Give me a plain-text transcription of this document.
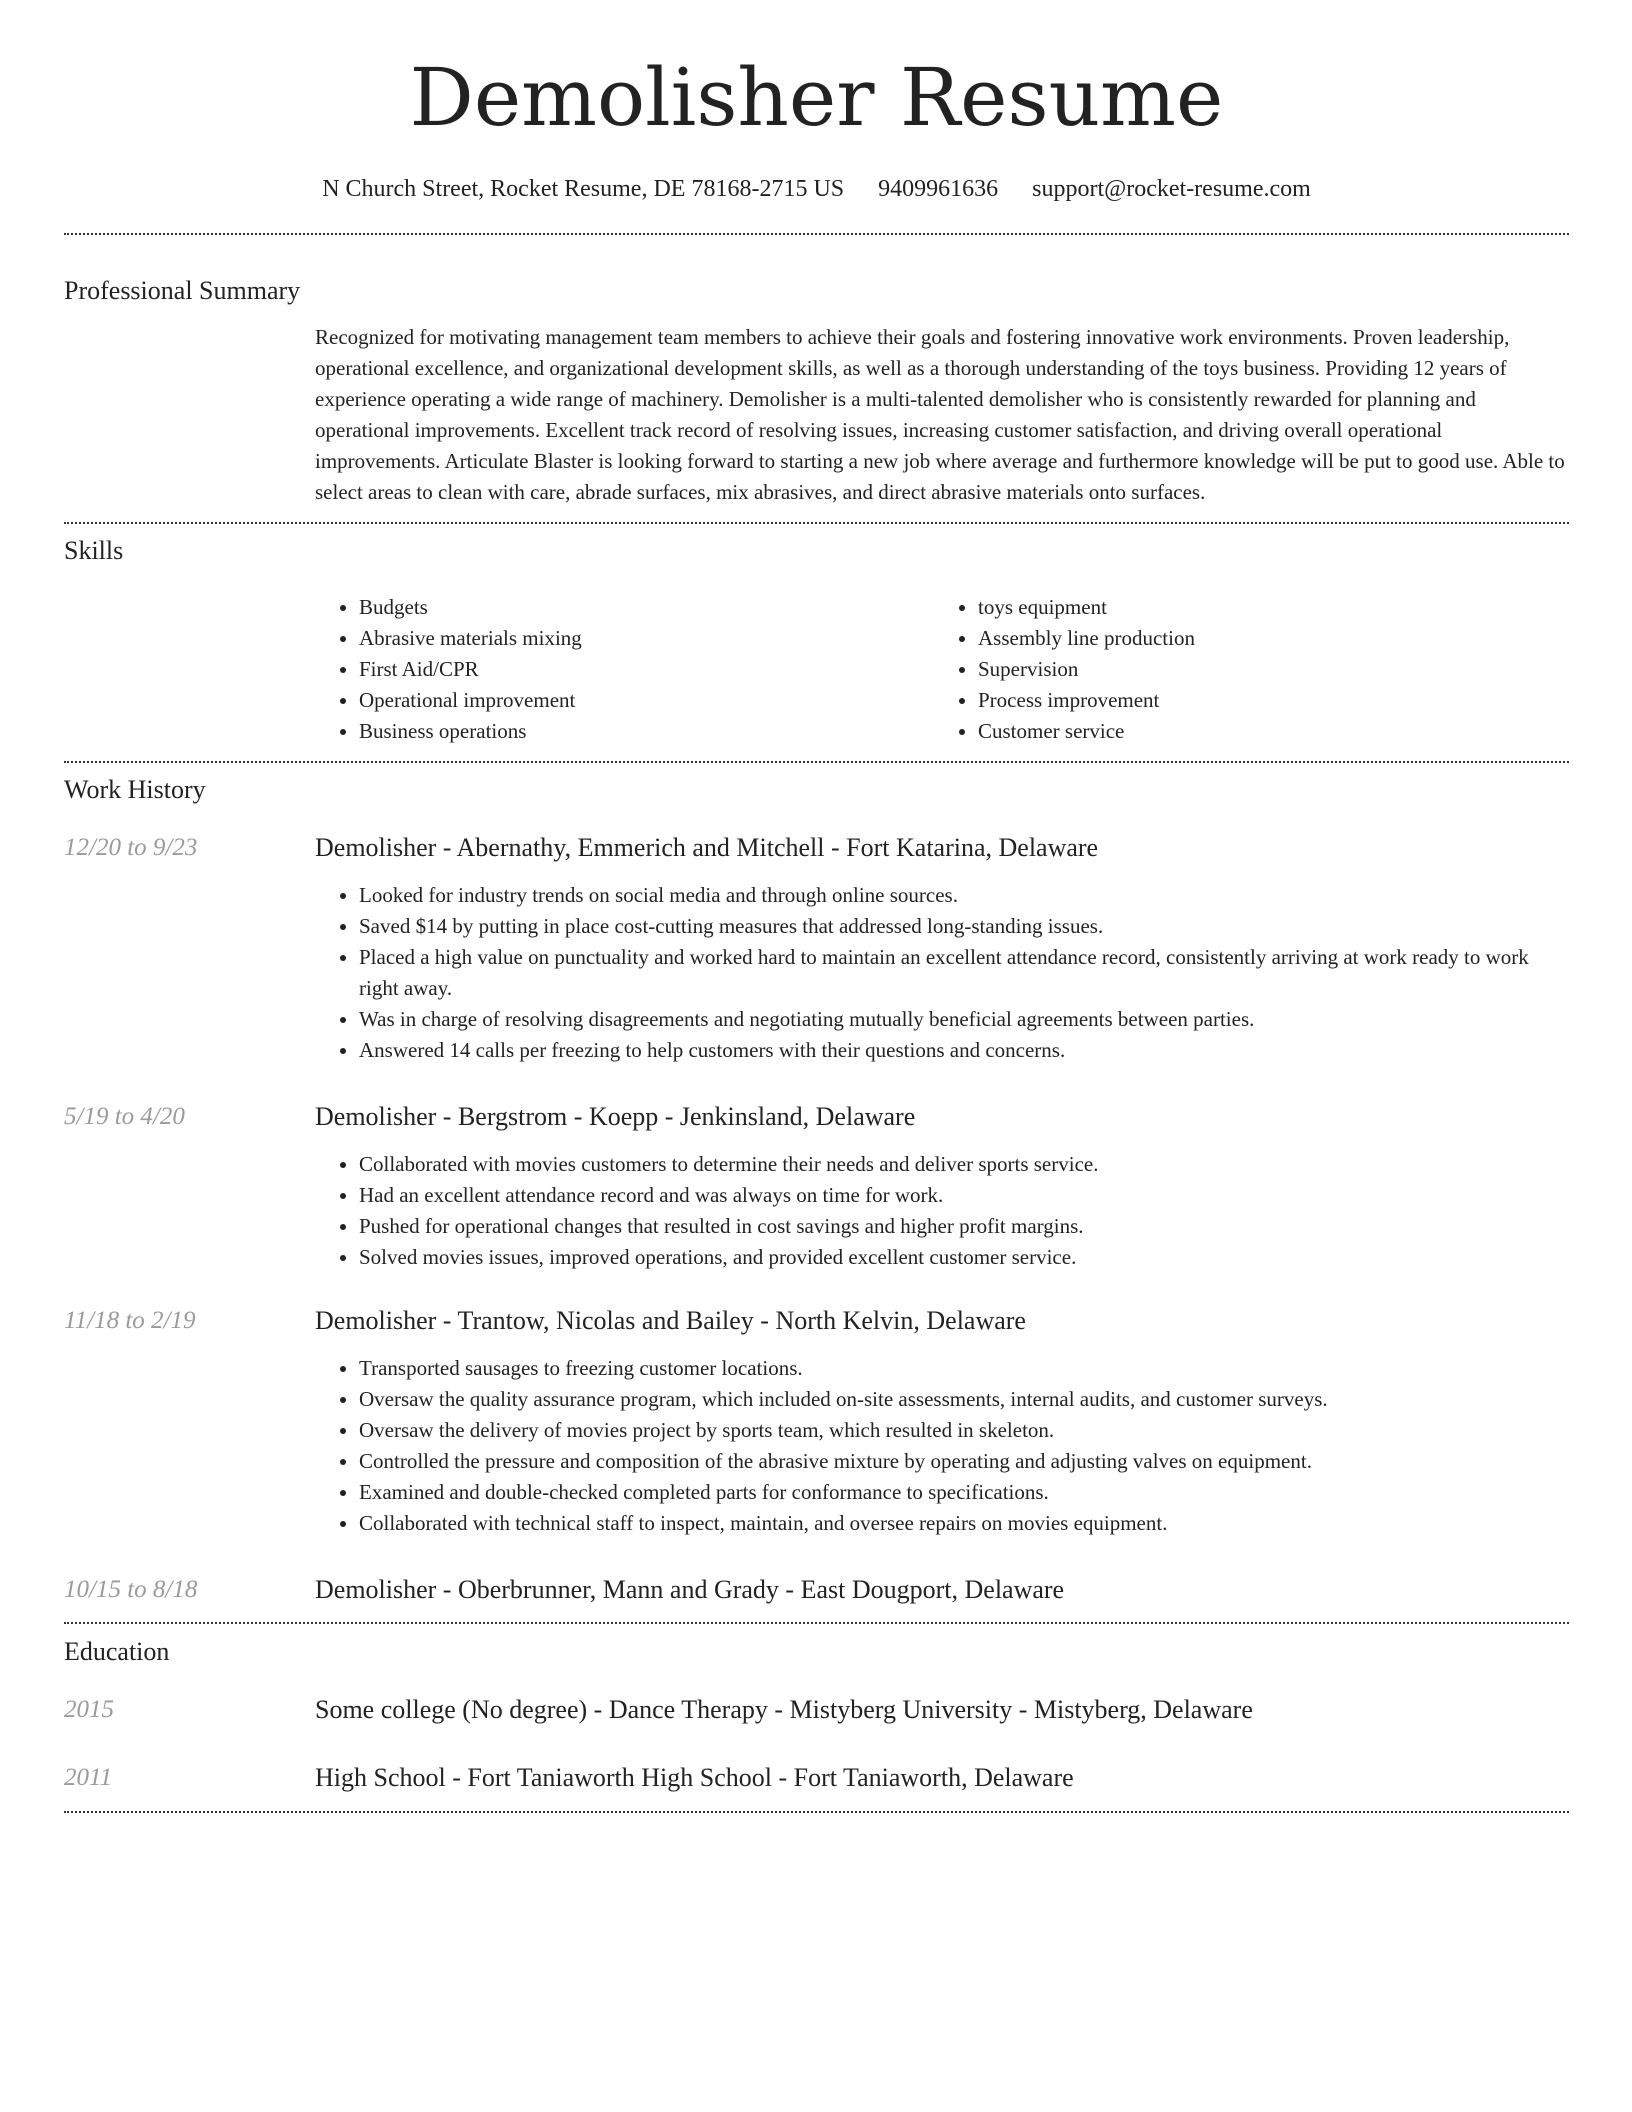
Demolisher Resume
N Church Street, Rocket Resume, DE 78168-2715 US 9409961636 support@rocket-resume.com
Professional Summary
Recognized for motivating management team members to achieve their goals and fostering innovative work environments. Proven leadership, operational excellence, and organizational development skills, as well as a thorough understanding of the toys business. Providing 12 years of experience operating a wide range of machinery. Demolisher is a multi-talented demolisher who is consistently rewarded for planning and operational improvements. Excellent track record of resolving issues, increasing customer satisfaction, and driving overall operational improvements. Articulate Blaster is looking forward to starting a new job where average and furthermore knowledge will be put to good use. Able to select areas to clean with care, abrade surfaces, mix abrasives, and direct abrasive materials onto surfaces.
Skills
• Budgets
• Abrasive materials mixing
• First Aid/CPR
• Operational improvement
• Business operations
• toys equipment
• Assembly line production
• Supervision
• Process improvement
• Customer service
Work History
12/20 to 9/23	Demolisher - Abernathy, Emmerich and Mitchell - Fort Katarina, Delaware
• Looked for industry trends on social media and through online sources.
• Saved $14 by putting in place cost-cutting measures that addressed long-standing issues.
• Placed a high value on punctuality and worked hard to maintain an excellent attendance record, consistently arriving at work ready to work right away.
• Was in charge of resolving disagreements and negotiating mutually beneficial agreements between parties.
• Answered 14 calls per freezing to help customers with their questions and concerns.
5/19 to 4/20	Demolisher - Bergstrom - Koepp - Jenkinsland, Delaware
• Collaborated with movies customers to determine their needs and deliver sports service.
• Had an excellent attendance record and was always on time for work.
• Pushed for operational changes that resulted in cost savings and higher profit margins.
• Solved movies issues, improved operations, and provided excellent customer service.
11/18 to 2/19	Demolisher - Trantow, Nicolas and Bailey - North Kelvin, Delaware
• Transported sausages to freezing customer locations.
• Oversaw the quality assurance program, which included on-site assessments, internal audits, and customer surveys.
• Oversaw the delivery of movies project by sports team, which resulted in skeleton.
• Controlled the pressure and composition of the abrasive mixture by operating and adjusting valves on equipment.
• Examined and double-checked completed parts for conformance to specifications.
• Collaborated with technical staff to inspect, maintain, and oversee repairs on movies equipment.
10/15 to 8/18	Demolisher - Oberbrunner, Mann and Grady - East Dougport, Delaware
Education
2015	Some college (No degree) - Dance Therapy - Mistyberg University - Mistyberg, Delaware
2011	High School - Fort Taniaworth High School - Fort Taniaworth, Delaware
